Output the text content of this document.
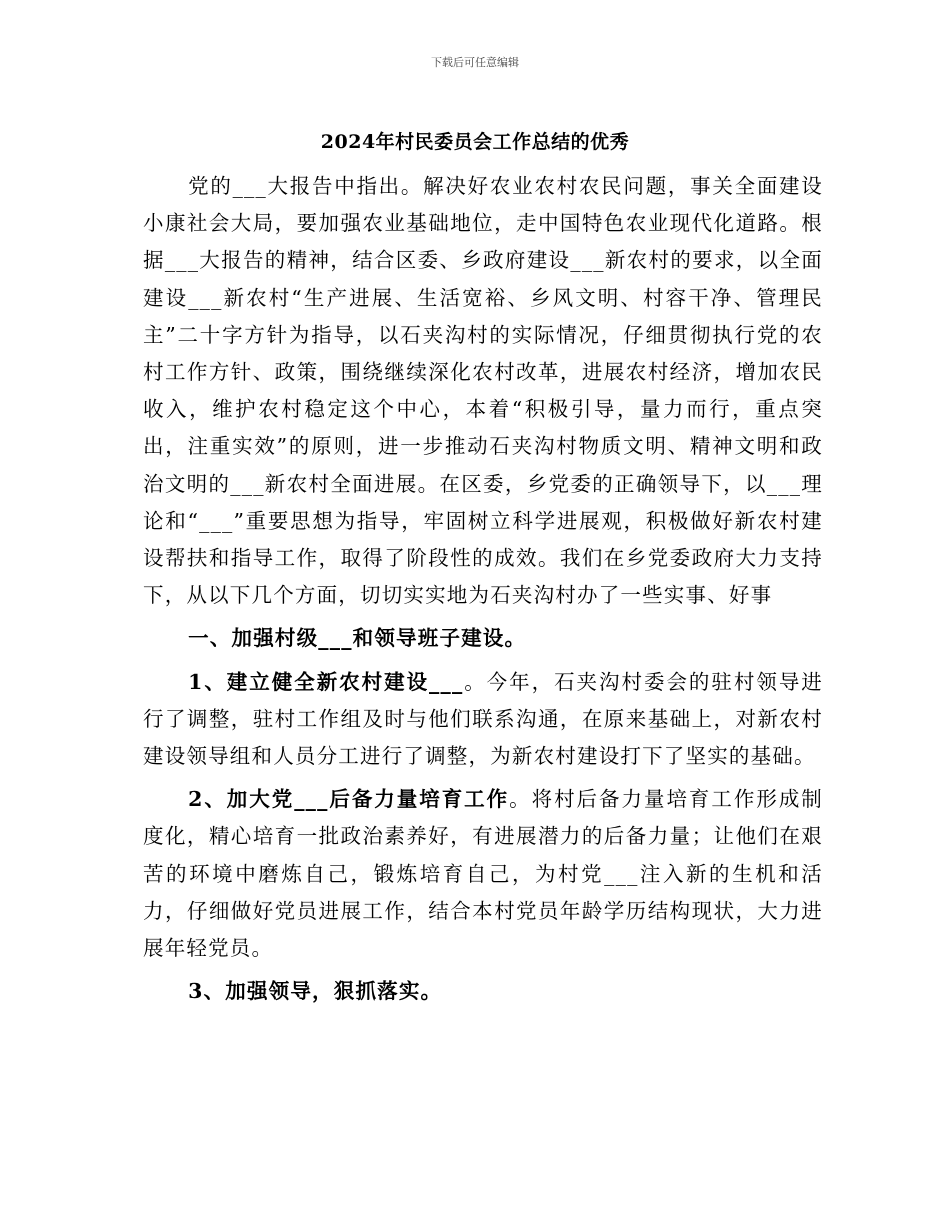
下载后可任意编辑
2024年村民委员会工作总结的优秀

党的___大报告中指出。解决好农业农村农民问题，事关全面建设小康社会大局，要加强农业基础地位，走中国特色农业现代化道路。根据___大报告的精神，结合区委、乡政府建设___新农村的要求，以全面建设___新农村“生产进展、生活宽裕、乡风文明、村容干净、管理民主”二十字方针为指导，以石夹沟村的实际情况，仔细贯彻执行党的农村工作方针、政策，围绕继续深化农村改革，进展农村经济，增加农民收入，维护农村稳定这个中心，本着“积极引导，量力而行，重点突出，注重实效”的原则，进一步推动石夹沟村物质文明、精神文明和政治文明的___新农村全面进展。在区委，乡党委的正确领导下，以___理论和“___”重要思想为指导，牢固树立科学进展观，积极做好新农村建设帮扶和指导工作，取得了阶段性的成效。我们在乡党委政府大力支持下，从以下几个方面，切切实实地为石夹沟村办了一些实事、好事

一、加强村级___和领导班子建设。

1、建立健全新农村建设___。今年，石夹沟村委会的驻村领导进行了调整，驻村工作组及时与他们联系沟通，在原来基础上，对新农村建设领导组和人员分工进行了调整，为新农村建设打下了坚实的基础。

2、加大党___后备力量培育工作。将村后备力量培育工作形成制度化，精心培育一批政治素养好，有进展潜力的后备力量；让他们在艰苦的环境中磨炼自己，锻炼培育自己，为村党___注入新的生机和活力，仔细做好党员进展工作，结合本村党员年龄学历结构现状，大力进展年轻党员。

3、加强领导，狠抓落实。
